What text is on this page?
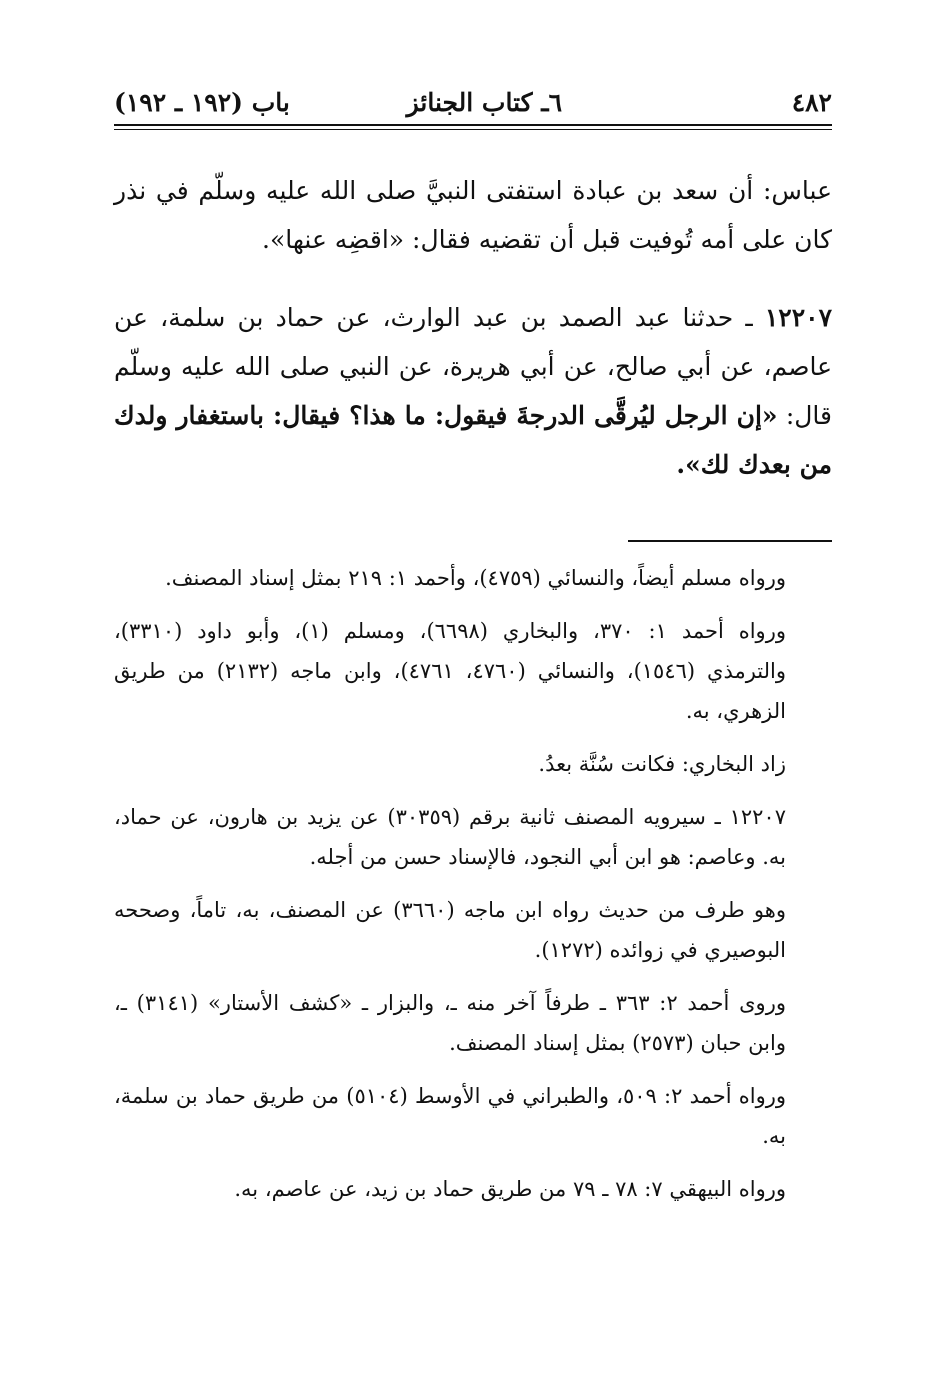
٤٨٢
٦ـ كتاب الجنائز
باب (١٩٢ ـ ١٩٢)
عباس: أن سعد بن عبادة استفتى النبيَّ صلى الله عليه وسلّم في نذر كان على أمه تُوفيت قبل أن تقضيه فقال: «اقضِه عنها».
١٢٢٠٧ ـ حدثنا عبد الصمد بن عبد الوارث، عن حماد بن سلمة، عن عاصم، عن أبي صالح، عن أبي هريرة، عن النبي صلى الله عليه وسلّم قال: «إن الرجل ليُرقَّى الدرجةَ فيقول: ما هذا؟ فيقال: باستغفار ولدك من بعدك لك».

ورواه مسلم أيضاً، والنسائي (٤٧٥٩)، وأحمد ١: ٢١٩ بمثل إسناد المصنف.

ورواه أحمد ١: ٣٧٠، والبخاري (٦٦٩٨)، ومسلم (١)، وأبو داود (٣٣١٠)، والترمذي (١٥٤٦)، والنسائي (٤٧٦٠، ٤٧٦١)، وابن ماجه (٢١٣٢) من طريق الزهري، به.

زاد البخاري: فكانت سُنَّة بعدُ.

١٢٢٠٧ ـ سيرويه المصنف ثانية برقم (٣٠٣٥٩) عن يزيد بن هارون، عن حماد، به. وعاصم: هو ابن أبي النجود، فالإسناد حسن من أجله.

وهو طرف من حديث رواه ابن ماجه (٣٦٦٠) عن المصنف، به، تاماً، وصححه البوصيري في زوائده (١٢٧٢).

وروى أحمد ٢: ٣٦٣ ـ طرفاً آخر منه ـ، والبزار ـ «كشف الأستار» (٣١٤١) ـ، وابن حبان (٢٥٧٣) بمثل إسناد المصنف.

ورواه أحمد ٢: ٥٠٩، والطبراني في الأوسط (٥١٠٤) من طريق حماد بن سلمة، به.

ورواه البيهقي ٧: ٧٨ ـ ٧٩ من طريق حماد بن زيد، عن عاصم، به.
